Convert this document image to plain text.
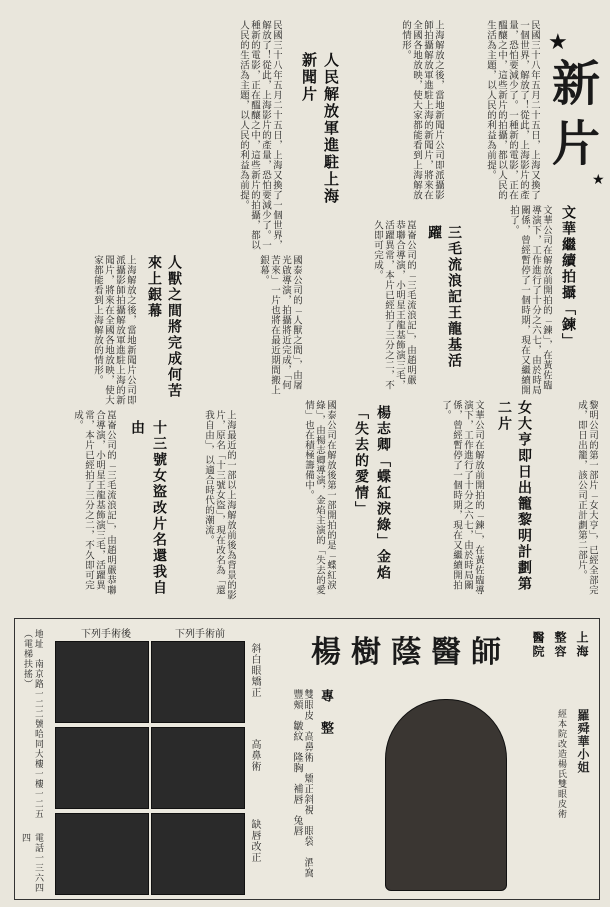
★
新
片
★
民國三十八年五月二十五日，上海又換了一個世界，解放了！從此，上海影片的產量，恐怕要減少了。一種新的電影，正在醞釀之中，這些新片的拍攝，都以人民的生活為主題，以人民的利益為前提。
人民解放軍進駐上海新聞片	上海解放之後，當地新聞片公司即派攝影師拍攝解放軍進駐上海的新聞片，將來在全國各地放映，使大家都能看到上海解放的情形。
民國三十八年五月二十五日，上海又換了一個世界，解放了！從此，上海影片的產量，恐怕要減少了。一種新的電影，正在醞釀之中，這些新片的拍攝，都以人民的生活為主題，以人民的利益為前提。
文華繼續拍攝「鍊」
文華公司在解放前開拍的「鍊」，在黃佐臨導演下，工作進行了十分之六七，由於時局關係，曾經暫停了一個時期，現在又繼續開拍了。
三毛流浪記王龍基活躍
崑崙公司的「三毛流浪記」，由趙明嚴恭聯合導演，小明星王龍基飾演三毛，活躍異常，本片已經拍了三分之二，不久即可完成。
人獸之間將完成何苦來上銀幕	國泰公司的「人獸之間」，由屠光啟導演，拍攝將近完成，「何苦來」一片也將在最近期間搬上銀幕。
上海解放之後，當地新聞片公司即派攝影師拍攝解放軍進駐上海的新聞片，將來在全國各地放映，使大家都能看到上海解放的情形。
女大亨即日出籠黎明計劃第二片	黎明公司的第一部片「女大亨」，已經全部完成，即日出籠，該公司正計劃第二部片。
文華公司在解放前開拍的「鍊」，在黃佐臨導演下，工作進行了十分之六七，由於時局關係，曾經暫停了一個時期，現在又繼續開拍了。
楊志卿「蝶紅淚綠」金焰「失去的愛情」
國泰公司在解放後第一部開拍的是「蝶紅淚綠」，由楊志卿導演，金焰主演的「失去的愛情」也在積極籌備中。
十三號女盜改片名還我自由	上海最近的一部以上海解放前後為背景的影片，原名「十三號女盜」，現在改名為「還我自由」，以適合時代的潮流。
崑崙公司的「三毛流浪記」，由趙明嚴恭聯合導演，小明星王龍基飾演三毛，活躍異常，本片已經拍了三分之二，不久即可完成。
上海
整容
醫院
楊樹蔭醫師
專 整
雙眼皮　高鼻術　矯正斜視　眼袋　酒窩　豐頰　皺紋　隆胸　補唇　兔唇
羅舜華小姐
經本院改造楊氏雙眼皮術
下列手術前
下列手術後
斜白眼矯正
高鼻術
缺唇改正
地址　南京路一二二號哈同大樓一樓一二五（電梯扶搖）
電話一三六四四
